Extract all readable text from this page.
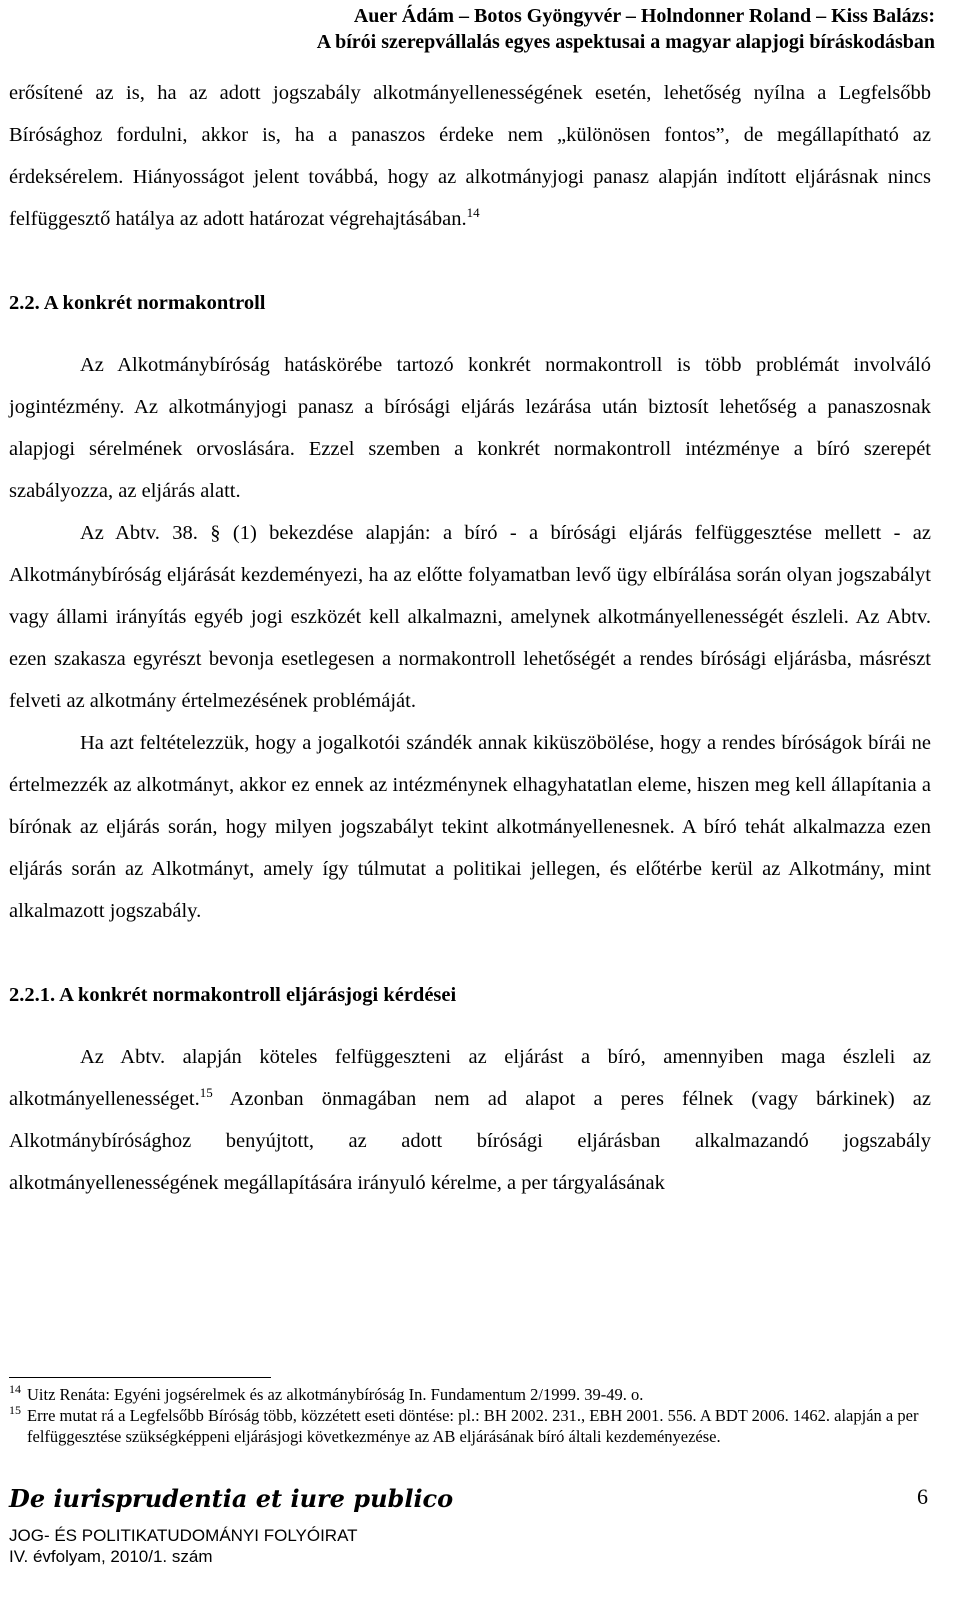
Auer Ádám – Botos Gyöngyvér – Holndonner Roland – Kiss Balázs:
A bírói szerepvállalás egyes aspektusai a magyar alapjogi bíráskodásban

erősítené az is, ha az adott jogszabály alkotmányellenességének esetén, lehetőség nyílna a Legfelsőbb Bírósághoz fordulni, akkor is, ha a panaszos érdeke nem „különösen fontos”, de megállapítható az érdeksérelem. Hiányosságot jelent továbbá, hogy az alkotmányjogi panasz alapján indított eljárásnak nincs felfüggesztő hatálya az adott határozat végrehajtásában.$^{14}$

2.2. A konkrét normakontroll

Az Alkotmánybíróság hatáskörébe tartozó konkrét normakontroll is több problémát involváló jogintézmény. Az alkotmányjogi panasz a bírósági eljárás lezárása után biztosít lehetőség a panaszosnak alapjogi sérelmének orvoslására. Ezzel szemben a konkrét normakontroll intézménye a bíró szerepét szabályozza, az eljárás alatt.

Az Abtv. 38. § (1) bekezdése alapján: a bíró - a bírósági eljárás felfüggesztése mellett - az Alkotmánybíróság eljárását kezdeményezi, ha az előtte folyamatban levő ügy elbírálása során olyan jogszabályt vagy állami irányítás egyéb jogi eszközét kell alkalmazni, amelynek alkotmányellenességét észleli. Az Abtv. ezen szakasza egyrészt bevonja esetlegesen a normakontroll lehetőségét a rendes bírósági eljárásba, másrészt felveti az alkotmány értelmezésének problémáját.

Ha azt feltételezzük, hogy a jogalkotói szándék annak kiküszöbölése, hogy a rendes bíróságok bírái ne értelmezzék az alkotmányt, akkor ez ennek az intézménynek elhagyhatatlan eleme, hiszen meg kell állapítania a bírónak az eljárás során, hogy milyen jogszabályt tekint alkotmányellenesnek. A bíró tehát alkalmazza ezen eljárás során az Alkotmányt, amely így túlmutat a politikai jellegen, és előtérbe kerül az Alkotmány, mint alkalmazott jogszabály.

2.2.1. A konkrét normakontroll eljárásjogi kérdései

Az Abtv. alapján köteles felfüggeszteni az eljárást a bíró, amennyiben maga észleli az alkotmányellenességet.$^{15}$ Azonban önmagában nem ad alapot a peres félnek (vagy bárkinek) az Alkotmánybírósághoz benyújtott, az adott bírósági eljárásban alkalmazandó jogszabály alkotmányellenességének megállapítására irányuló kérelme, a per tárgyalásának

14 Uitz Renáta: Egyéni jogsérelmek és az alkotmánybíróság In. Fundamentum 2/1999. 39-49. o.

15 Erre mutat rá a Legfelsőbb Bíróság több, közzétett eseti döntése: pl.: BH 2002. 231., EBH 2001. 556. A BDT 2006. 1462. alapján a per felfüggesztése szükségképpeni eljárásjogi következménye az AB eljárásának bíró általi kezdeményezése.

De iurisprudentia et iure publico	6
JOG- ÉS POLITIKATUDOMÁNYI FOLYÓIRAT
IV. évfolyam, 2010/1. szám
